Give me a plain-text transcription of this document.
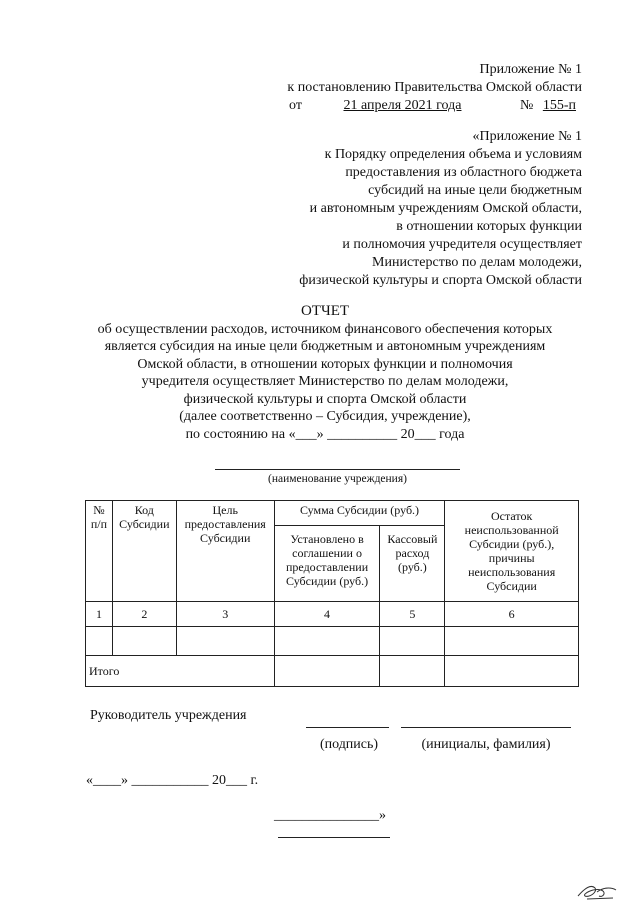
Приложение № 1
к постановлению Правительства Омской области
от	21 апреля 2021 года	№ 155-п
«Приложение № 1
к Порядку определения объема и условиям
предоставления из областного бюджета
субсидий на иные цели бюджетным
и автономным учреждениям Омской области,
в отношении которых функции
и полномочия учредителя осуществляет
Министерство по делам молодежи,
физической культуры и спорта Омской области
ОТЧЕТ
об осуществлении расходов, источником финансового обеспечения которых
является субсидия на иные цели бюджетным и автономным учреждениям
Омской области, в отношении которых функции и полномочия
учредителя осуществляет Министерство по делам молодежи,
физической культуры и спорта Омской области
(далее соответственно – Субсидия, учреждение),
по состоянию на «___» __________ 20___ года
(наименование учреждения)
№ п/п	Код Субсидии	Цель предоставления Субсидии	Сумма Субсидии (руб.)		Остаток неиспользованной Субсидии (руб.), причины неиспользования Субсидии
			Установлено в соглашении о предоставлении Субсидии (руб.)	Кассовый расход (руб.)	
1	2	3	4	5	6

Итого					
Руководитель учреждения
(подпись)	(инициалы, фамилия)
«____» ___________ 20___ г.
_______________»
